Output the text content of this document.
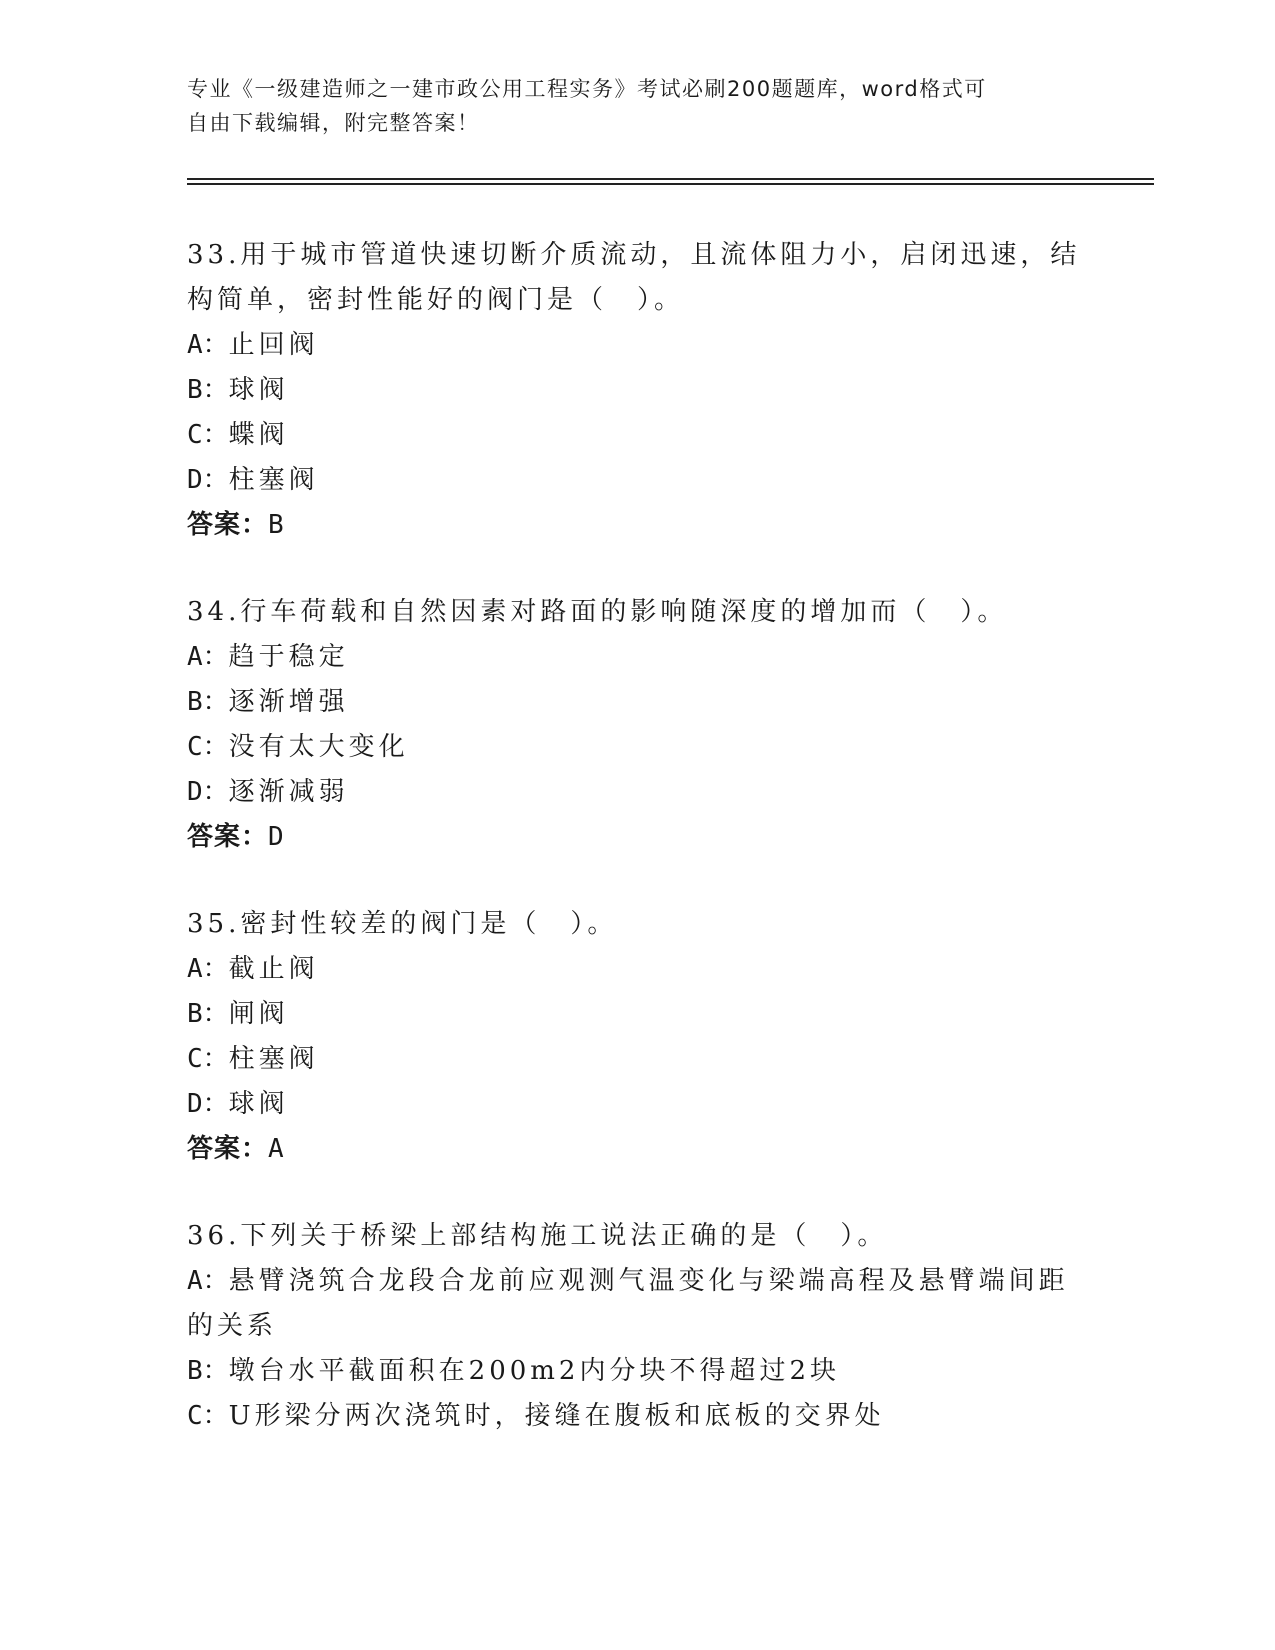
专业《一级建造师之一建市政公用工程实务》考试必刷200题题库，word格式可
自由下载编辑，附完整答案！
33.用于城市管道快速切断介质流动，且流体阻力小，启闭迅速，结构简单，密封性能好的阀门是（　）。
A：止回阀
B：球阀
C：蝶阀
D：柱塞阀
答案：B
34.行车荷载和自然因素对路面的影响随深度的增加而（　）。
A：趋于稳定
B：逐渐增强
C：没有太大变化
D：逐渐减弱
答案：D
35.密封性较差的阀门是（　）。
A：截止阀
B：闸阀
C：柱塞阀
D：球阀
答案：A
36.下列关于桥梁上部结构施工说法正确的是（　）。
A：悬臂浇筑合龙段合龙前应观测气温变化与梁端高程及悬臂端间距的关系
B：墩台水平截面积在200m2内分块不得超过2块
C：U形梁分两次浇筑时，接缝在腹板和底板的交界处
